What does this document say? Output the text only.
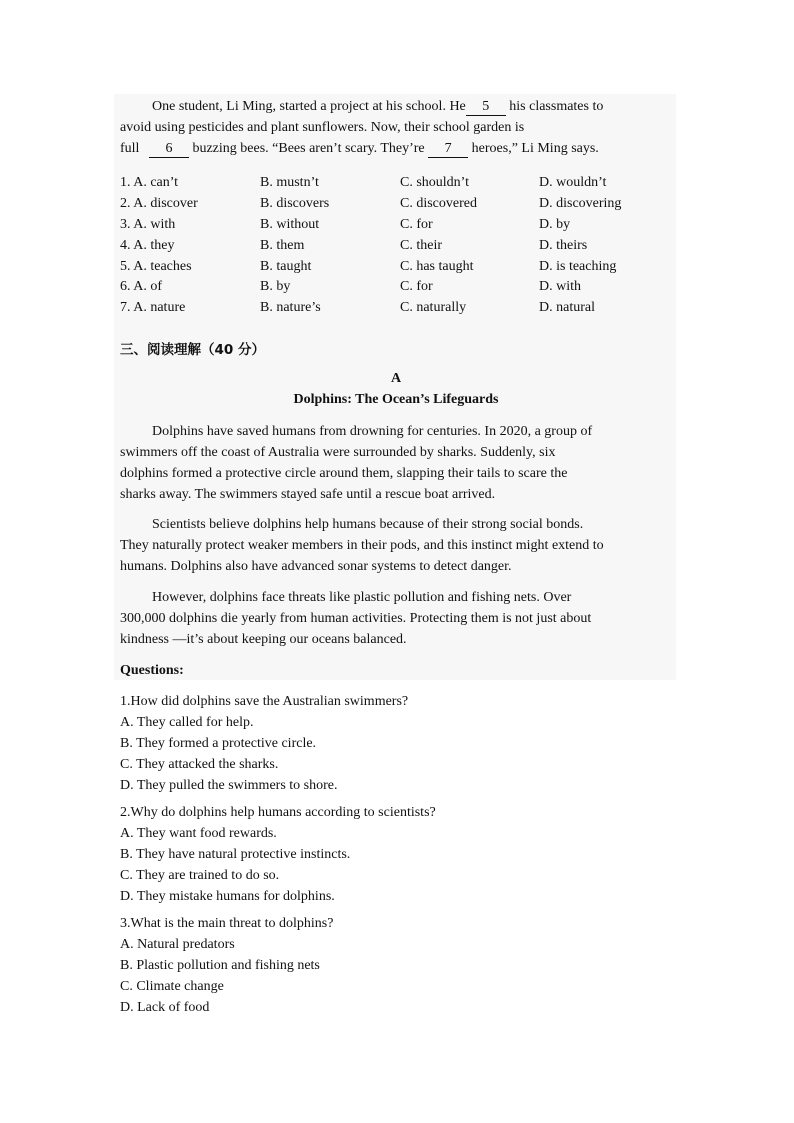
One student, Li Ming, started a project at his school. He 5 his classmates to
avoid using pesticides and plant sunflowers. Now, their school garden is
full 6 buzzing bees. “Bees aren’t scary. They’re 7 heroes,” Li Ming says.
1. A. can’t	B. mustn’t	C. shouldn’t	D. wouldn’t
2. A. discover	B. discovers	C. discovered	D. discovering
3. A. with	B. without	C. for	D. by
4. A. they	B. them	C. their	D. theirs
5. A. teaches	B. taught	C. has taught	D. is teaching
6. A. of	B. by	C. for	D. with
7. A. nature	B. nature’s	C. naturally	D. natural
三、阅读理解（40 分）
A
Dolphins: The Ocean’s Lifeguards
Dolphins have saved humans from drowning for centuries. In 2020, a group of
swimmers off the coast of Australia were surrounded by sharks. Suddenly, six
dolphins formed a protective circle around them, slapping their tails to scare the
sharks away. The swimmers stayed safe until a rescue boat arrived.
Scientists believe dolphins help humans because of their strong social bonds.
They naturally protect weaker members in their pods, and this instinct might extend to
humans. Dolphins also have advanced sonar systems to detect danger.
However, dolphins face threats like plastic pollution and fishing nets. Over
300,000 dolphins die yearly from human activities. Protecting them is not just about
kindness —it’s about keeping our oceans balanced.
Questions:
1.How did dolphins save the Australian swimmers?
A. They called for help.
B. They formed a protective circle.
C. They attacked the sharks.
D. They pulled the swimmers to shore.
2.Why do dolphins help humans according to scientists?
A. They want food rewards.
B. They have natural protective instincts.
C. They are trained to do so.
D. They mistake humans for dolphins.
3.What is the main threat to dolphins?
A. Natural predators
B. Plastic pollution and fishing nets
C. Climate change
D. Lack of food
